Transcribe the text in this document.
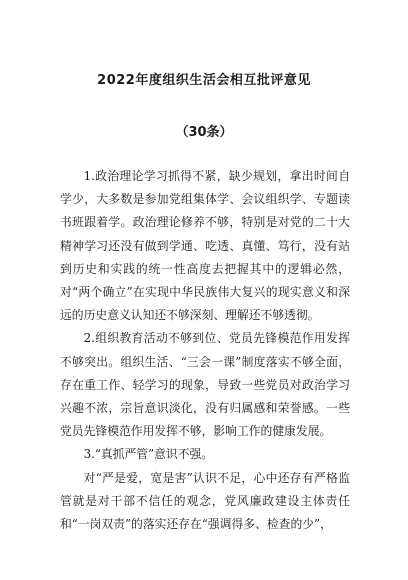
2022年度组织生活会相互批评意见
（30条）

1.政治理论学习抓得不紧，缺少规划，拿出时间自学少，大多数是参加党组集体学、会议组织学、专题读书班跟着学。政治理论修养不够，特别是对党的二十大精神学习还没有做到学通、吃透、真懂、笃行，没有站到历史和实践的统一性高度去把握其中的逻辑必然，对“两个确立”在实现中华民族伟大复兴的现实意义和深远的历史意义认知还不够深刻、理解还不够透彻。

2.组织教育活动不够到位、党员先锋模范作用发挥不够突出。组织生活、“三会一课”制度落实不够全面，存在重工作、轻学习的现象，导致一些党员对政治学习兴趣不浓，宗旨意识淡化，没有归属感和荣誉感。一些党员先锋模范作用发挥不够，影响工作的健康发展。

3.“真抓严管”意识不强。

对“严是爱，宽是害”认识不足，心中还存有严格监管就是对干部不信任的观念，党风廉政建设主体责任和“一岗双责”的落实还存在“强调得多、检查的少”，
